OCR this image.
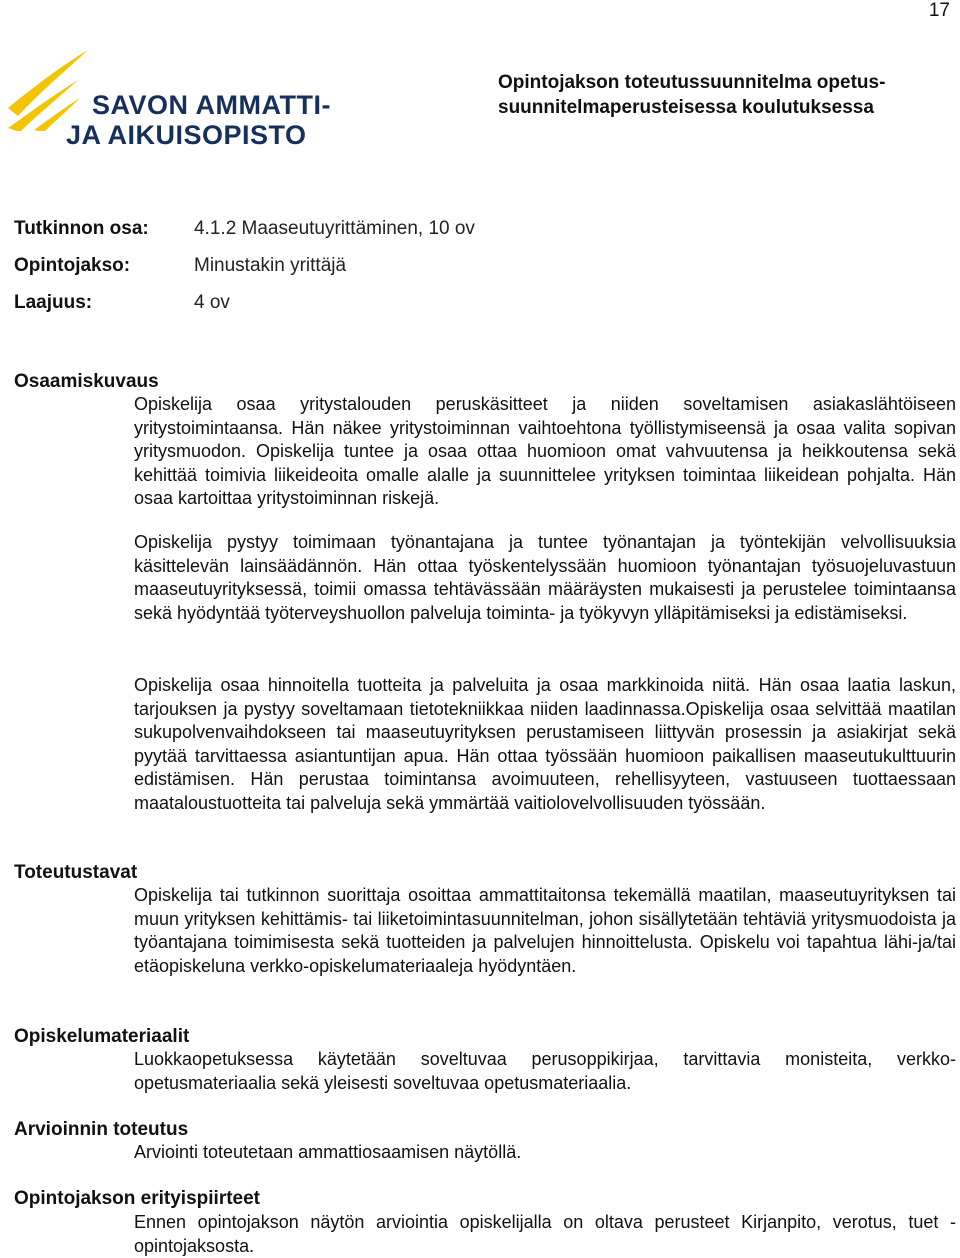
17
SAVON AMMATTI-
JA AIKUISOPISTO
Opintojakson toteutussuunnitelma opetus-
suunnitelmaperusteisessa koulutuksessa
Tutkinnon osa: 4.1.2 Maaseutuyrittäminen, 10 ov
Opintojakso:	Minustakin yrittäjä
Laajuus:	4 ov
Osaamiskuvaus
Opiskelija osaa yritystalouden peruskäsitteet ja niiden soveltamisen asiakaslähtöiseen yritystoimintaansa. Hän näkee yritystoiminnan vaihtoehtona työllistymiseensä ja osaa valita sopivan yritysmuodon. Opiskelija tuntee ja osaa ottaa huomioon omat vahvuutensa ja heikkoutensa sekä kehittää toimivia liikeideoita omalle alalle ja suunnittelee yrityksen toimintaa liikeidean pohjalta. Hän osaa kartoittaa yritystoiminnan riskejä.
Opiskelija pystyy toimimaan työnantajana ja tuntee työnantajan ja työntekijän velvollisuuksia käsittelevän lainsäädännön. Hän ottaa työskentelyssään huomioon työnantajan työsuojeluvastuun maaseutuyrityksessä, toimii omassa tehtävässään määräysten mukaisesti ja perustelee toimintaansa sekä hyödyntää työterveyshuollon palveluja toiminta- ja työkyvyn ylläpitämiseksi ja edistämiseksi.
Opiskelija osaa hinnoitella tuotteita ja palveluita ja osaa markkinoida niitä. Hän osaa laatia laskun, tarjouksen ja pystyy soveltamaan tietotekniikkaa niiden laadinnassa.Opiskelija osaa selvittää maatilan sukupolvenvaihdokseen tai maaseutuyrityksen perustamiseen liittyvän prosessin ja asiakirjat sekä pyytää tarvittaessa asiantuntijan apua. Hän ottaa työssään huomioon paikallisen maaseutukulttuurin edistämisen. Hän perustaa toimintansa avoimuuteen, rehellisyyteen, vastuuseen tuottaessaan maataloustuotteita tai palveluja sekä ymmärtää vaitiolovelvollisuuden työssään.
Toteutustavat
Opiskelija tai tutkinnon suorittaja osoittaa ammattitaitonsa tekemällä maatilan, maaseutuyrityksen tai muun yrityksen kehittämis- tai liiketoimintasuunnitelman, johon sisällytetään tehtäviä yritysmuodoista ja työantajana toimimisesta sekä tuotteiden ja palvelujen hinnoittelusta. Opiskelu voi tapahtua lähi-ja/tai etäopiskeluna verkko-opiskelumateriaaleja hyödyntäen.
Opiskelumateriaalit
Luokkaopetuksessa käytetään soveltuvaa perusoppikirjaa, tarvittavia monisteita, verkko-opetusmateriaalia sekä yleisesti soveltuvaa opetusmateriaalia.
Arvioinnin toteutus
Arviointi toteutetaan ammattiosaamisen näytöllä.
Opintojakson erityispiirteet
Ennen opintojakson näytön arviointia opiskelijalla on oltava perusteet Kirjanpito, verotus, tuet -opintojaksosta.
